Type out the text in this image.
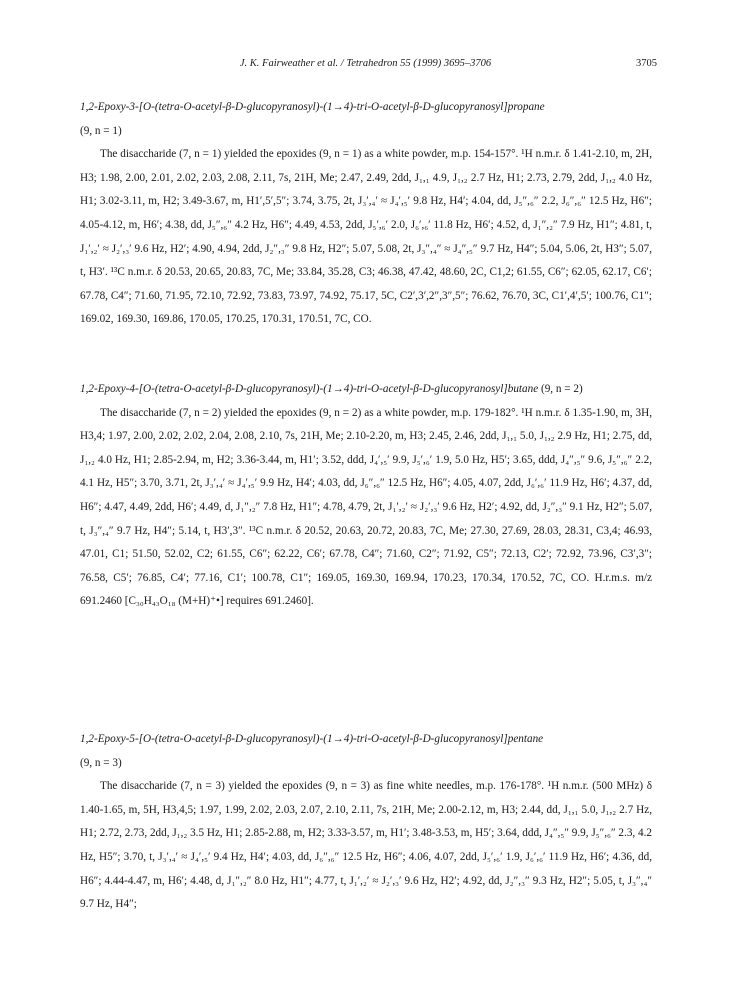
J. K. Fairweather et al. / Tetrahedron 55 (1999) 3695–3706	3705
1,2-Epoxy-3-[O-(tetra-O-acetyl-β-D-glucopyranosyl)-(1→4)-tri-O-acetyl-β-D-glucopyranosyl]propane
(9, n = 1)
The disaccharide (7, n = 1) yielded the epoxides (9, n = 1) as a white powder, m.p. 154-157°. ¹H n.m.r. δ 1.41-2.10, m, 2H, H3; 1.98, 2.00, 2.01, 2.02, 2.03, 2.08, 2.11, 7s, 21H, Me; 2.47, 2.49, 2dd, J₁,₁ 4.9, J₁,₂ 2.7 Hz, H1; 2.73, 2.79, 2dd, J₁,₂ 4.0 Hz, H1; 3.02-3.11, m, H2; 3.49-3.67, m, H1′,5′,5″; 3.74, 3.75, 2t, J₃′,₄′ ≈ J₄′,₅′ 9.8 Hz, H4′; 4.04, dd, J₅″,₆″ 2.2, J₆″,₆″ 12.5 Hz, H6″; 4.05-4.12, m, H6′; 4.38, dd, J₅″,₆″ 4.2 Hz, H6″; 4.49, 4.53, 2dd, J₅′,₆′ 2.0, J₆′,₆′ 11.8 Hz, H6′; 4.52, d, J₁″,₂″ 7.9 Hz, H1″; 4.81, t, J₁′,₂′ ≈ J₂′,₃′ 9.6 Hz, H2′; 4.90, 4.94, 2dd, J₂″,₃″ 9.8 Hz, H2″; 5.07, 5.08, 2t, J₃″,₄″ ≈ J₄″,₅″ 9.7 Hz, H4″; 5.04, 5.06, 2t, H3″; 5.07, t, H3′. ¹³C n.m.r. δ 20.53, 20.65, 20.83, 7C, Me; 33.84, 35.28, C3; 46.38, 47.42, 48.60, 2C, C1,2; 61.55, C6″; 62.05, 62.17, C6′; 67.78, C4″; 71.60, 71.95, 72.10, 72.92, 73.83, 73.97, 74.92, 75.17, 5C, C2′,3′,2″,3″,5″; 76.62, 76.70, 3C, C1′,4′,5′; 100.76, C1″; 169.02, 169.30, 169.86, 170.05, 170.25, 170.31, 170.51, 7C, CO.
1,2-Epoxy-4-[O-(tetra-O-acetyl-β-D-glucopyranosyl)-(1→4)-tri-O-acetyl-β-D-glucopyranosyl]butane (9, n = 2)
The disaccharide (7, n = 2) yielded the epoxides (9, n = 2) as a white powder, m.p. 179-182°. ¹H n.m.r. δ 1.35-1.90, m, 3H, H3,4; 1.97, 2.00, 2.02, 2.02, 2.04, 2.08, 2.10, 7s, 21H, Me; 2.10-2.20, m, H3; 2.45, 2.46, 2dd, J₁,₁ 5.0, J₁,₂ 2.9 Hz, H1; 2.75, dd, J₁,₂ 4.0 Hz, H1; 2.85-2.94, m, H2; 3.36-3.44, m, H1′; 3.52, ddd, J₄′,₅′ 9.9, J₅′,₆′ 1.9, 5.0 Hz, H5′; 3.65, ddd, J₄″,₅″ 9.6, J₅″,₆″ 2.2, 4.1 Hz, H5″; 3.70, 3.71, 2t, J₃′,₄′ ≈ J₄′,₅′ 9.9 Hz, H4′; 4.03, dd, J₆″,₆″ 12.5 Hz, H6″; 4.05, 4.07, 2dd, J₆′,₆′ 11.9 Hz, H6′; 4.37, dd, H6″; 4.47, 4.49, 2dd, H6′; 4.49, d, J₁″,₂″ 7.8 Hz, H1″; 4.78, 4.79, 2t, J₁′,₂′ ≈ J₂′,₃′ 9.6 Hz, H2′; 4.92, dd, J₂″,₃″ 9.1 Hz, H2″; 5.07, t, J₃″,₄″ 9.7 Hz, H4″; 5.14, t, H3′,3″. ¹³C n.m.r. δ 20.52, 20.63, 20.72, 20.83, 7C, Me; 27.30, 27.69, 28.03, 28.31, C3,4; 46.93, 47.01, C1; 51.50, 52.02, C2; 61.55, C6″; 62.22, C6′; 67.78, C4″; 71.60, C2″; 71.92, C5″; 72.13, C2′; 72.92, 73.96, C3′,3″; 76.58, C5′; 76.85, C4′; 77.16, C1′; 100.78, C1″; 169.05, 169.30, 169.94, 170.23, 170.34, 170.52, 7C, CO. H.r.m.s. m/z 691.2460 [C₃₀H₄₃O₁₈ (M+H)⁺•] requires 691.2460].
1,2-Epoxy-5-[O-(tetra-O-acetyl-β-D-glucopyranosyl)-(1→4)-tri-O-acetyl-β-D-glucopyranosyl]pentane
(9, n = 3)
The disaccharide (7, n = 3) yielded the epoxides (9, n = 3) as fine white needles, m.p. 176-178°. ¹H n.m.r. (500 MHz) δ 1.40-1.65, m, 5H, H3,4,5; 1.97, 1.99, 2.02, 2.03, 2.07, 2.10, 2.11, 7s, 21H, Me; 2.00-2.12, m, H3; 2.44, dd, J₁,₁ 5.0, J₁,₂ 2.7 Hz, H1; 2.72, 2.73, 2dd, J₁,₂ 3.5 Hz, H1; 2.85-2.88, m, H2; 3.33-3.57, m, H1′; 3.48-3.53, m, H5′; 3.64, ddd, J₄″,₅″ 9.9, J₅″,₆″ 2.3, 4.2 Hz, H5″; 3.70, t, J₃′,₄′ ≈ J₄′,₅′ 9.4 Hz, H4′; 4.03, dd, J₆″,₆″ 12.5 Hz, H6″; 4.06, 4.07, 2dd, J₅′,₆′ 1.9, J₆′,₆′ 11.9 Hz, H6′; 4.36, dd, H6″; 4.44-4.47, m, H6′; 4.48, d, J₁″,₂″ 8.0 Hz, H1″; 4.77, t, J₁′,₂′ ≈ J₂′,₃′ 9.6 Hz, H2′; 4.92, dd, J₂″,₃″ 9.3 Hz, H2″; 5.05, t, J₃″,₄″ 9.7 Hz, H4″;
